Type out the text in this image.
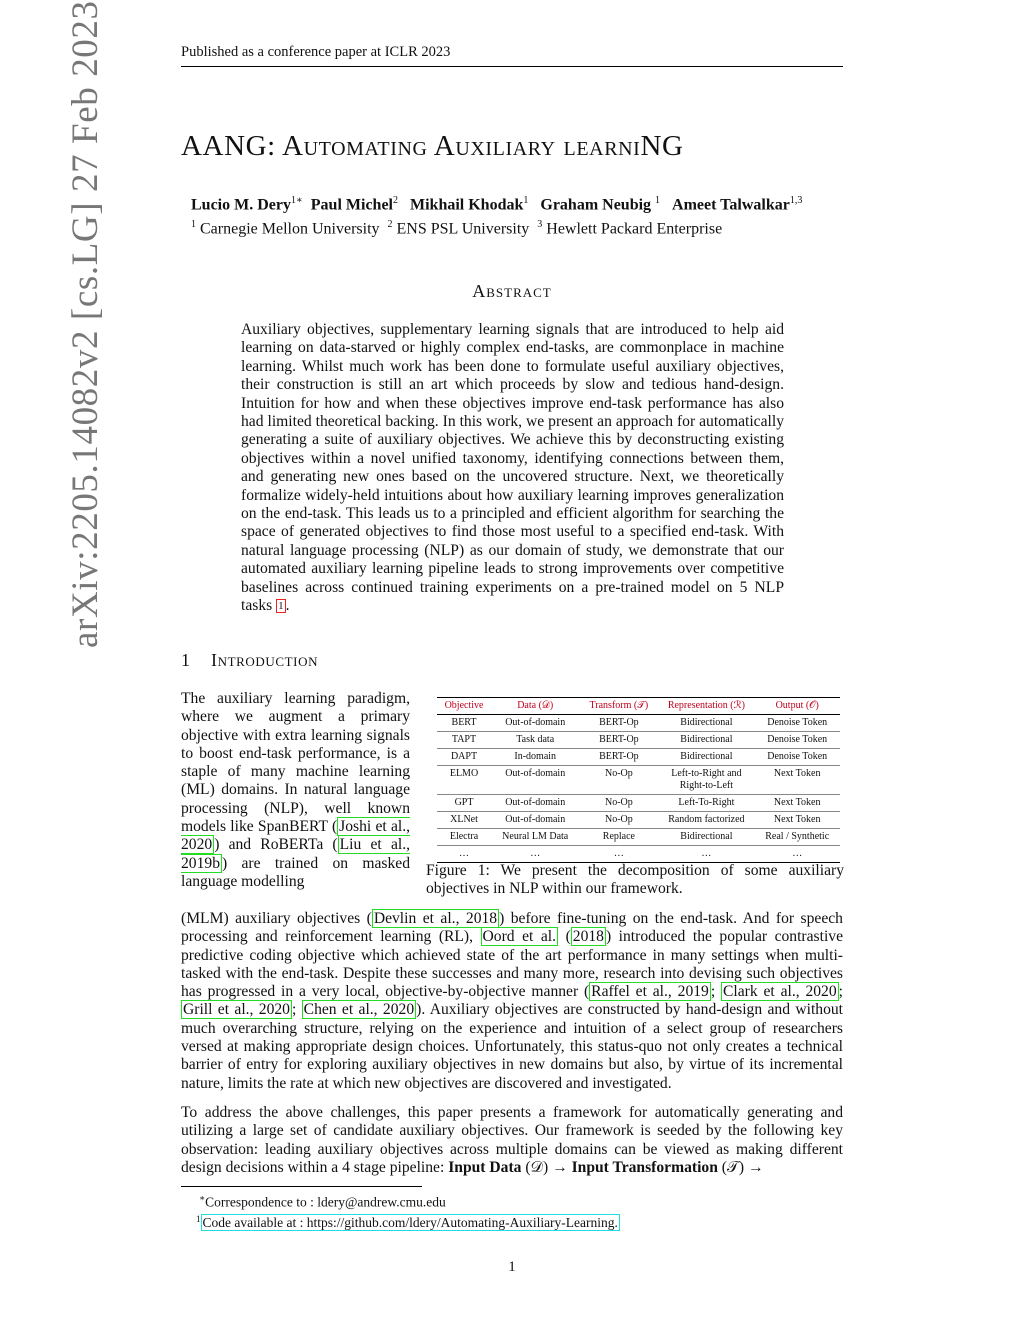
Published as a conference paper at ICLR 2023
AANG: Automating Auxiliary learniNG
Lucio M. Dery$^{1∗}$ Paul Michel$^2$ Mikhail Khodak$^1$ Graham Neubig $^1$ Ameet Talwalkar$^{1,3}$
$^1$ Carnegie Mellon University $^2$ ENS PSL University $^3$ Hewlett Packard Enterprise
arXiv:2205.14082v2 [cs.LG] 27 Feb 2023	Abstract
Auxiliary objectives, supplementary learning signals that are introduced to help aid learning on data-starved or highly complex end-tasks, are commonplace in machine learning. Whilst much work has been done to formulate useful auxiliary objectives, their construction is still an art which proceeds by slow and tedious hand-design. Intuition for how and when these objectives improve end-task performance has also had limited theoretical backing. In this work, we present an approach for automatically generating a suite of auxiliary objectives. We achieve this by deconstructing existing objectives within a novel unified taxonomy, identifying connections between them, and generating new ones based on the uncovered structure. Next, we theoretically formalize widely-held intuitions about how auxiliary learning improves generalization on the end-task. This leads us to a principled and efficient algorithm for searching the space of generated objectives to find those most useful to a specified end-task. With natural language processing (NLP) as our domain of study, we demonstrate that our automated auxiliary learning pipeline leads to strong improvements over competitive baselines across continued training experiments on a pre-trained model on 5 NLP tasks $^1$ .
1 Introduction
The auxiliary learning paradigm, where we augment a primary objective with extra learning signals to boost end-task performance, is a staple of many machine learning (ML) domains. In natural language processing (NLP), well known models like SpanBERT ( Joshi et al., 2020 ) and RoBERTa ( Liu et al., 2019b ) are trained on masked language modelling
Objective	Data (𝒟)	Transform (𝒯)	Representation (ℛ)	Output (𝒪)
BERT	Out-of-domain	BERT-Op	Bidirectional	Denoise Token
TAPT	Task data	BERT-Op	Bidirectional	Denoise Token
DAPT	In-domain	BERT-Op	Bidirectional	Denoise Token
ELMO	Out-of-domain	No-Op	Left-to-Right and Right-to-Left	Next Token
GPT	Out-of-domain	No-Op	Left-To-Right	Next Token
XLNet	Out-of-domain	No-Op	Random factorized	Next Token
Electra	Neural LM Data	Replace	Bidirectional	Real / Synthetic
…	…	…	…	…
Figure 1: We present the decomposition of some auxiliary objectives in NLP within our framework.
(MLM) auxiliary objectives ( Devlin et al., 2018 ) before fine-tuning on the end-task. And for speech processing and reinforcement learning (RL), Oord et al. ( 2018 ) introduced the popular contrastive predictive coding objective which achieved state of the art performance in many settings when multi-tasked with the end-task. Despite these successes and many more, research into devising such objectives has progressed in a very local, objective-by-objective manner ( Raffel et al., 2019 ; Clark et al., 2020 ; Grill et al., 2020 ; Chen et al., 2020 ). Auxiliary objectives are constructed by hand-design and without much overarching structure, relying on the experience and intuition of a select group of researchers versed at making appropriate design choices. Unfortunately, this status-quo not only creates a technical barrier of entry for exploring auxiliary objectives in new domains but also, by virtue of its incremental nature, limits the rate at which new objectives are discovered and investigated.
To address the above challenges, this paper presents a framework for automatically generating and utilizing a large set of candidate auxiliary objectives. Our framework is seeded by the following key observation: leading auxiliary objectives across multiple domains can be viewed as making different design decisions within a 4 stage pipeline: Input Data (𝒟) → Input Transformation (𝒯) →
∗Correspondence to : ldery@andrew.cmu.edu
$^1$ Code available at : https://github.com/ldery/Automating-Auxiliary-Learning.
1
